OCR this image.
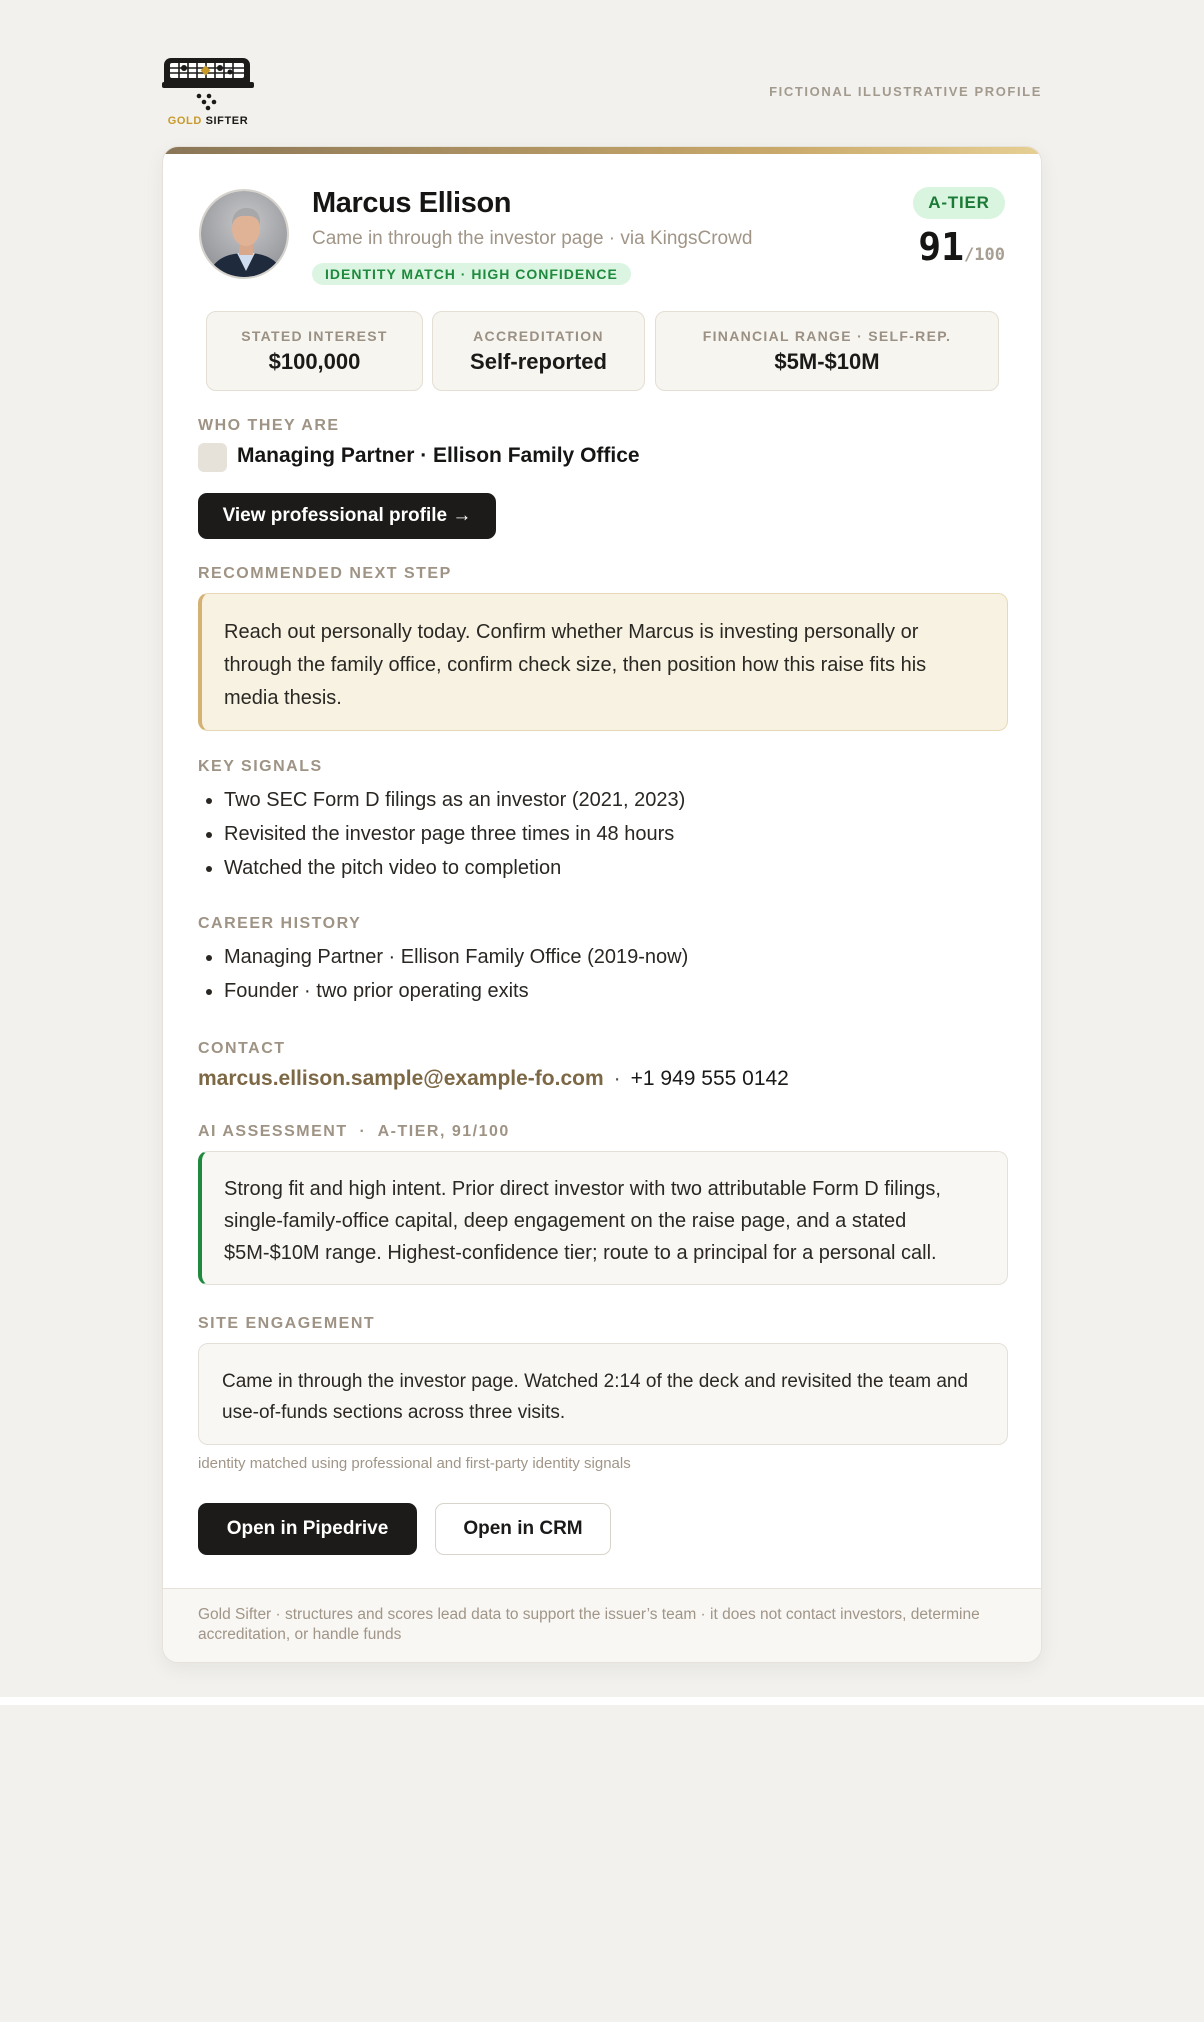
GOLD SIFTER
FICTIONAL ILLUSTRATIVE PROFILE
Marcus Ellison
Came in through the investor page · via KingsCrowd
IDENTITY MATCH · HIGH CONFIDENCE
A-TIER
91/100
STATED INTEREST
$100,000
ACCREDITATION
Self-reported
FINANCIAL RANGE · SELF-REP.
$5M-$10M
WHO THEY ARE
Managing Partner · Ellison Family Office
View professional profile →
RECOMMENDED NEXT STEP
Reach out personally today. Confirm whether Marcus is investing personally or through the family office, confirm check size, then position how this raise fits his media thesis.
KEY SIGNALS
Two SEC Form D filings as an investor (2021, 2023)
Revisited the investor page three times in 48 hours
Watched the pitch video to completion
CAREER HISTORY
Managing Partner · Ellison Family Office (2019-now)
Founder · two prior operating exits
CONTACT
marcus.ellison.sample@example-fo.com · +1 949 555 0142
AI ASSESSMENT  ·  A-TIER, 91/100
Strong fit and high intent. Prior direct investor with two attributable Form D filings, single-family-office capital, deep engagement on the raise page, and a stated $5M-$10M range. Highest-confidence tier; route to a principal for a personal call.
SITE ENGAGEMENT
Came in through the investor page. Watched 2:14 of the deck and revisited the team and use-of-funds sections across three visits.
identity matched using professional and first-party identity signals
Open in Pipedrive	Open in CRM
Gold Sifter · structures and scores lead data to support the issuer’s team · it does not contact investors, determine accreditation, or handle funds
